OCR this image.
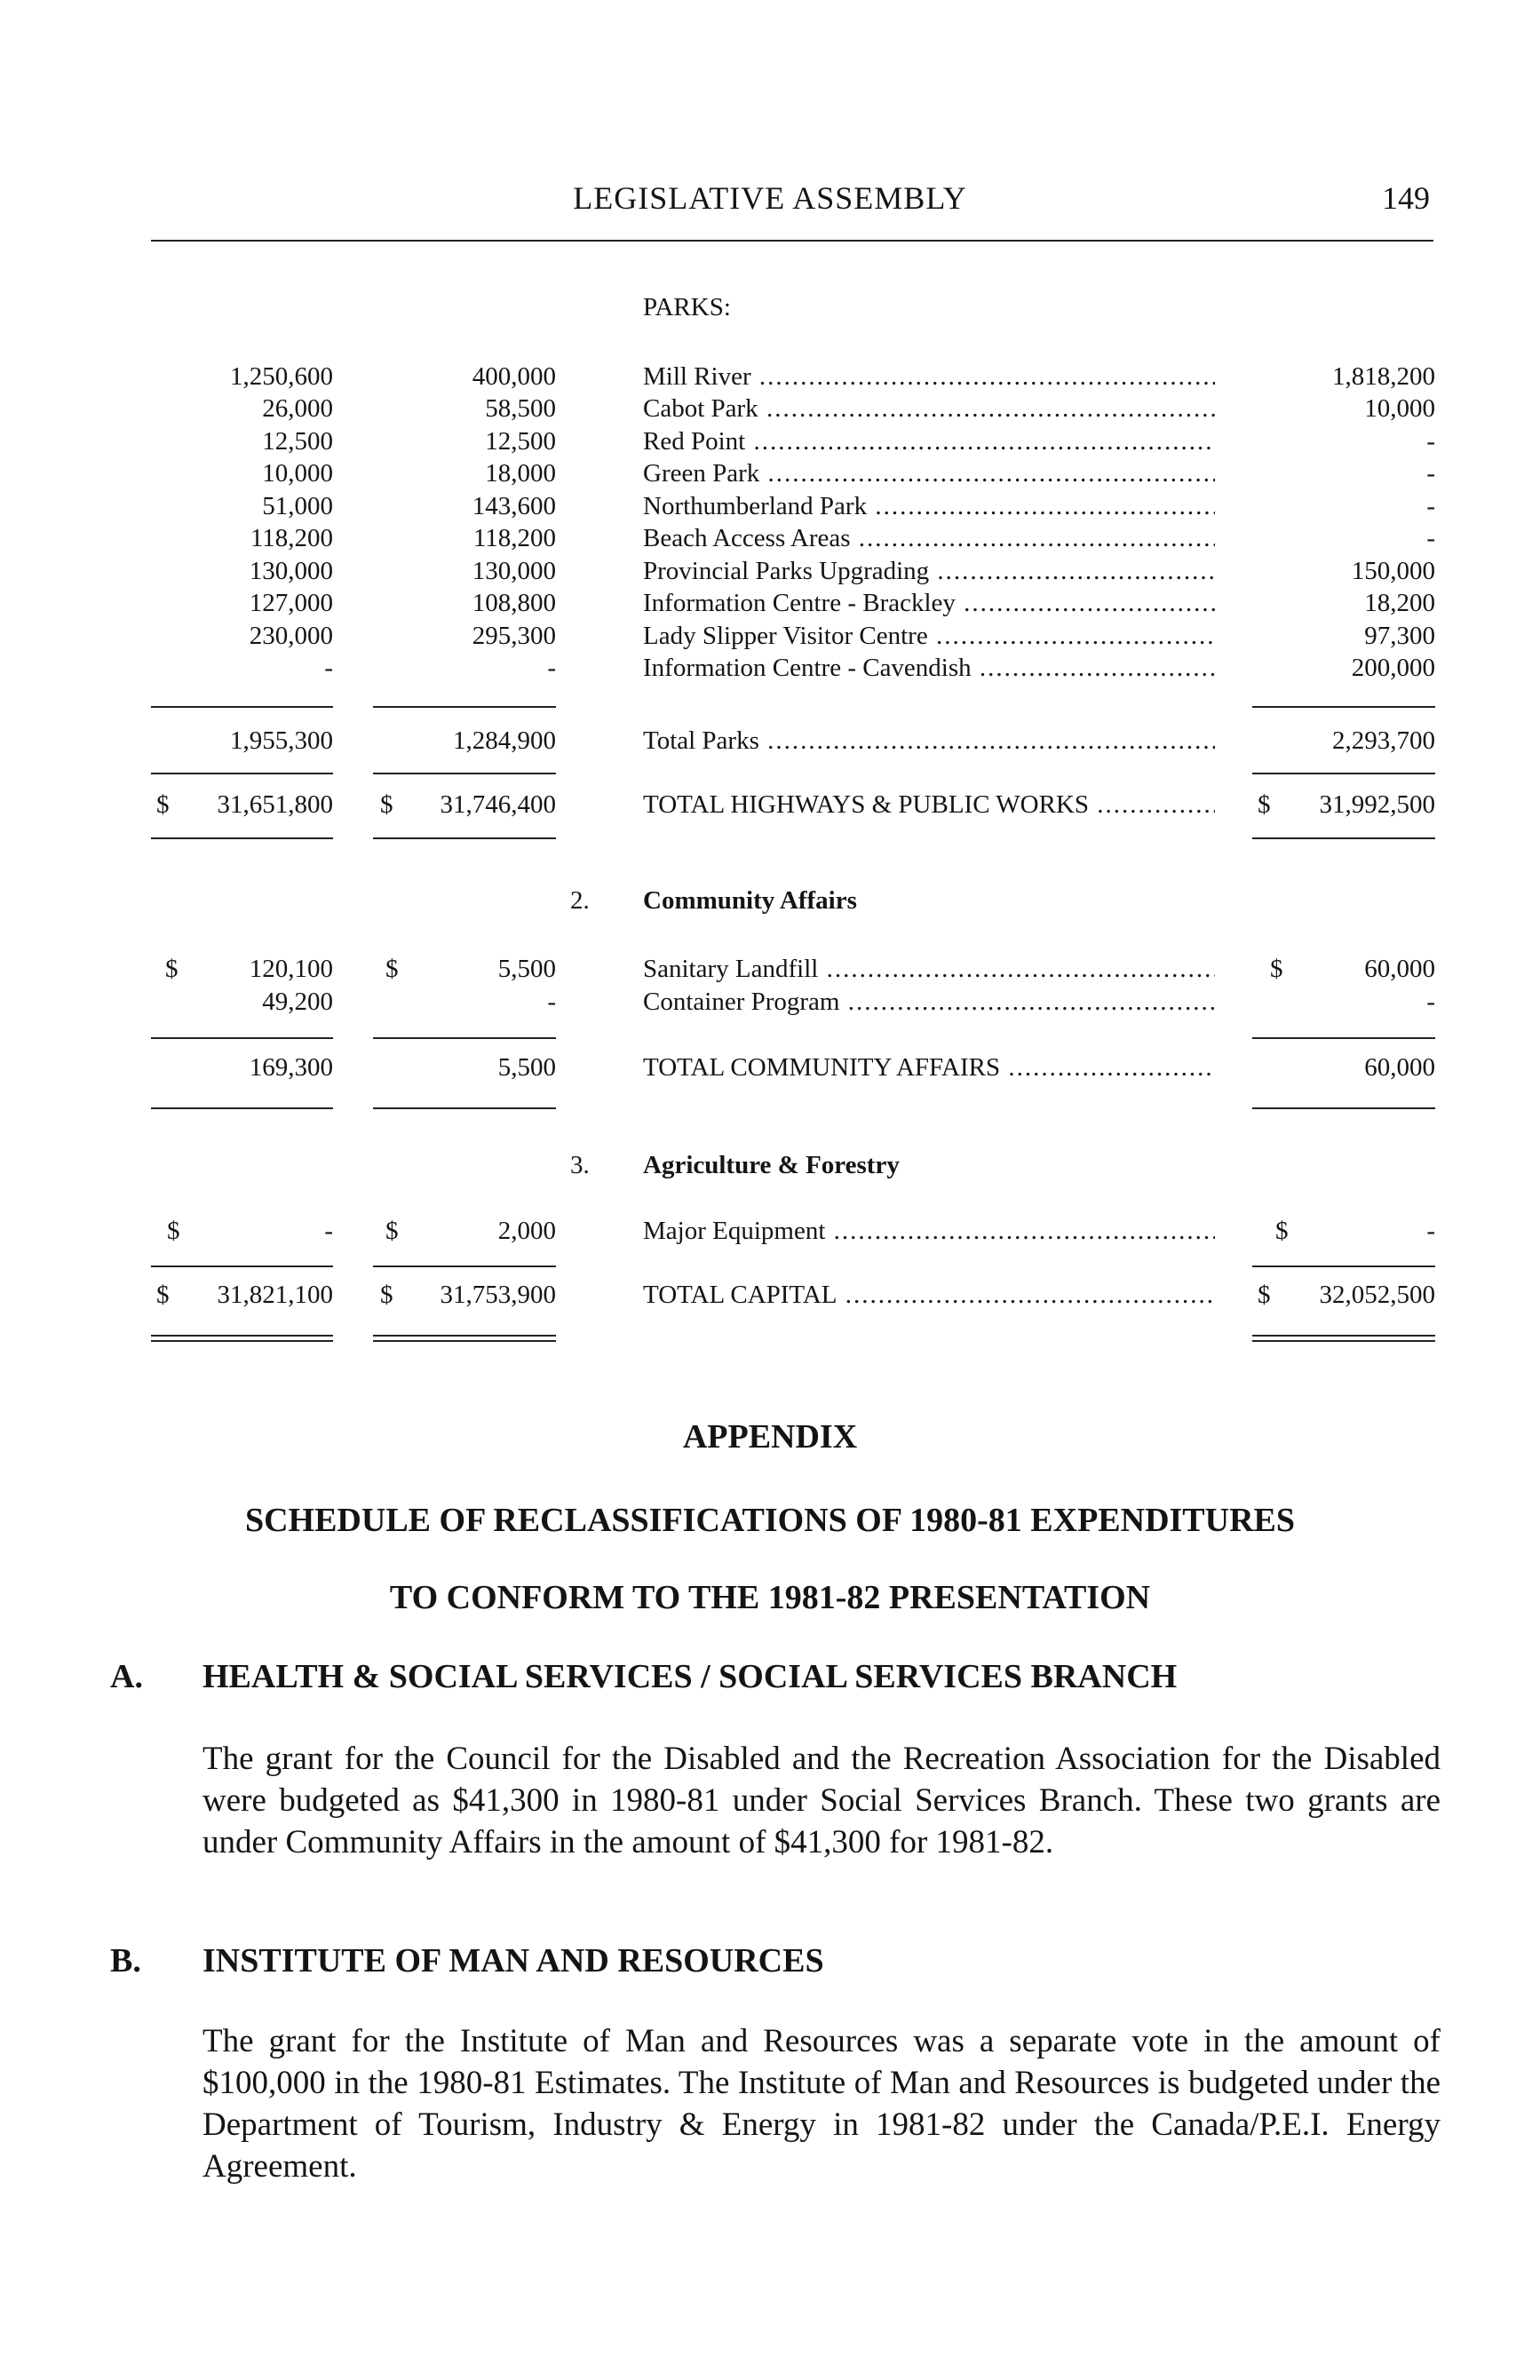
LEGISLATIVE ASSEMBLY	149
PARKS:
1,250,600	400,000	Mill River .....	1,818,200
26,000	58,500	Cabot Park .....	10,000
12,500	12,500	Red Point .....	-
10,000	18,000	Green Park .....	-
51,000	143,600	Northumberland Park .....	-
118,200	118,200	Beach Access Areas .....	-
130,000	130,000	Provincial Parks Upgrading .....	150,000
127,000	108,800	Information Centre - Brackley .....	18,200
230,000	295,300	Lady Slipper Visitor Centre .....	97,300
-	-	Information Centre - Cavendish .....	200,000
1,955,300	1,284,900	Total Parks .....	2,293,700
$	31,651,800 $	31,746,400	TOTAL HIGHWAYS & PUBLIC WORKS .....	$	31,992,500
2. Community Affairs
$	120,100 $	5,500	Sanitary Landfill .....	$	60,000
49,200	-	Container Program .....	-
169,300	5,500	TOTAL COMMUNITY AFFAIRS .....	60,000
3. Agriculture & Forestry
$	- $	2,000	Major Equipment .....	$	-
$	31,821,100 $	31,753,900	TOTAL CAPITAL .....	$	32,052,500
APPENDIX
SCHEDULE OF RECLASSIFICATIONS OF 1980-81 EXPENDITURES
TO CONFORM TO THE 1981-82 PRESENTATION
A. HEALTH & SOCIAL SERVICES / SOCIAL SERVICES BRANCH

The grant for the Council for the Disabled and the Recreation Association for the Disabled were budgeted as $41,300 in 1980-81 under Social Services Branch. These two grants are under Community Affairs in the amount of $41,300 for 1981-82.

B. INSTITUTE OF MAN AND RESOURCES

The grant for the Institute of Man and Resources was a separate vote in the amount of $100,000 in the 1980-81 Estimates. The Institute of Man and Resources is budgeted under the Department of Tourism, Industry & Energy in 1981-82 under the Canada/P.E.I. Energy Agreement.
